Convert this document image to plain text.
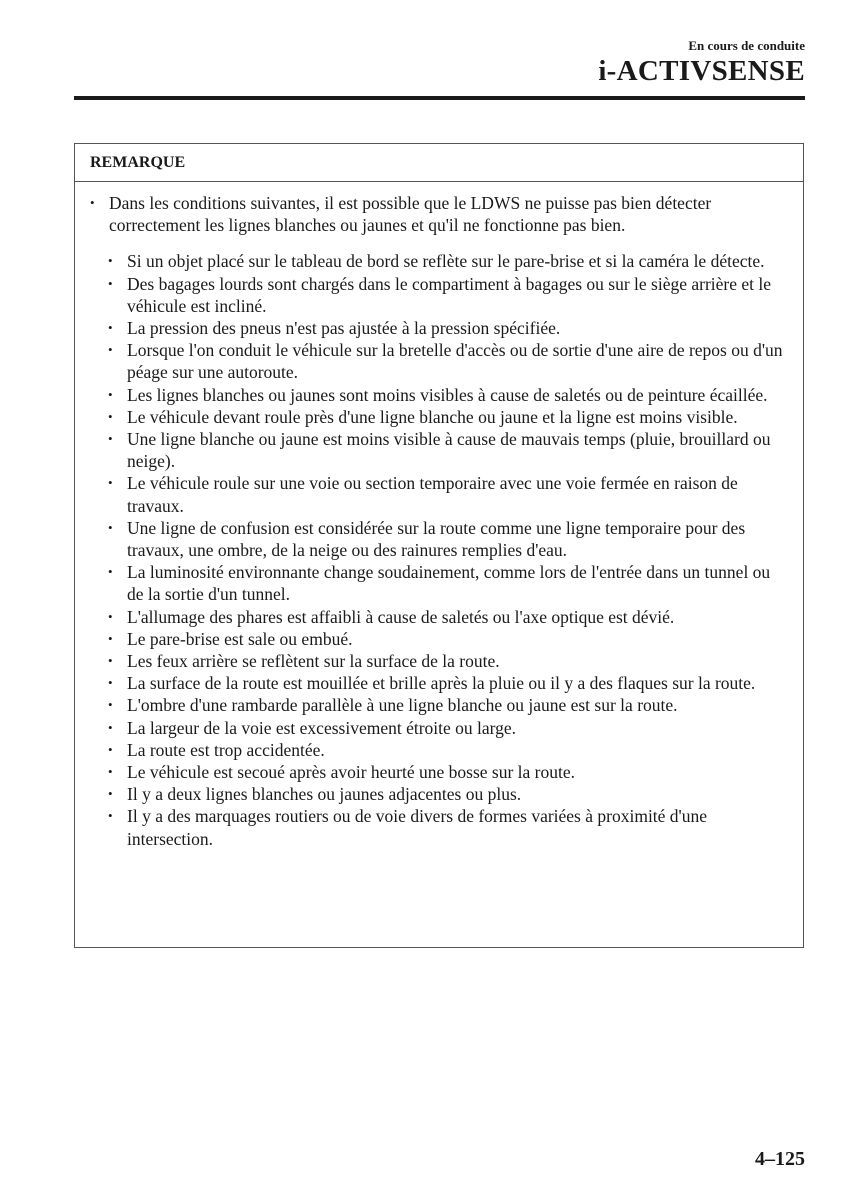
En cours de conduite
i-ACTIVSENSE
REMARQUE
• Dans les conditions suivantes, il est possible que le LDWS ne puisse pas bien détecter correctement les lignes blanches ou jaunes et qu'il ne fonctionne pas bien.
• Si un objet placé sur le tableau de bord se reflète sur le pare-brise et si la caméra le détecte.
• Des bagages lourds sont chargés dans le compartiment à bagages ou sur le siège arrière et le véhicule est incliné.
• La pression des pneus n'est pas ajustée à la pression spécifiée.
• Lorsque l'on conduit le véhicule sur la bretelle d'accès ou de sortie d'une aire de repos ou d'un péage sur une autoroute.
• Les lignes blanches ou jaunes sont moins visibles à cause de saletés ou de peinture écaillée.
• Le véhicule devant roule près d'une ligne blanche ou jaune et la ligne est moins visible.
• Une ligne blanche ou jaune est moins visible à cause de mauvais temps (pluie, brouillard ou neige).
• Le véhicule roule sur une voie ou section temporaire avec une voie fermée en raison de travaux.
• Une ligne de confusion est considérée sur la route comme une ligne temporaire pour des travaux, une ombre, de la neige ou des rainures remplies d'eau.
• La luminosité environnante change soudainement, comme lors de l'entrée dans un tunnel ou de la sortie d'un tunnel.
• L'allumage des phares est affaibli à cause de saletés ou l'axe optique est dévié.
• Le pare-brise est sale ou embué.
• Les feux arrière se reflètent sur la surface de la route.
• La surface de la route est mouillée et brille après la pluie ou il y a des flaques sur la route.
• L'ombre d'une rambarde parallèle à une ligne blanche ou jaune est sur la route.
• La largeur de la voie est excessivement étroite ou large.
• La route est trop accidentée.
• Le véhicule est secoué après avoir heurté une bosse sur la route.
• Il y a deux lignes blanches ou jaunes adjacentes ou plus.
• Il y a des marquages routiers ou de voie divers de formes variées à proximité d'une intersection.
4–125
